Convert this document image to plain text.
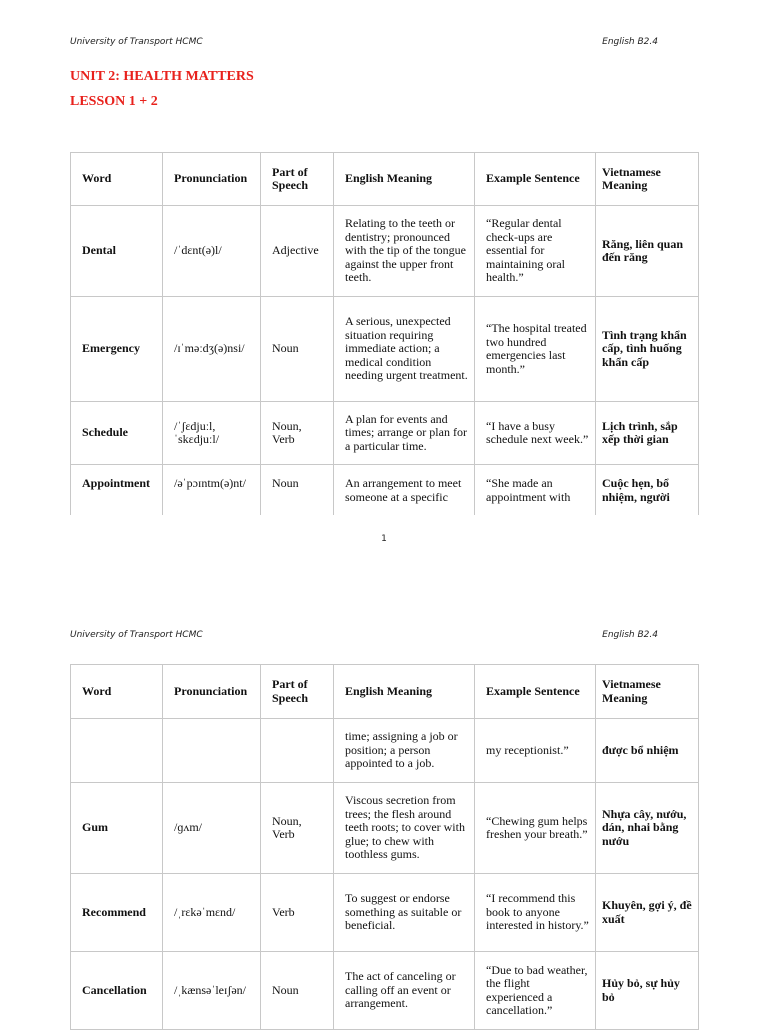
University of Transport HCMC	English B2.4
UNIT 2: HEALTH MATTERS
LESSON 1 + 2
Word	Pronunciation	Part of Speech	English Meaning	Example Sentence	Vietnamese Meaning
Dental	/ˈdɛnt(ə)l/	Adjective	Relating to the teeth or dentistry; pronounced with the tip of the tongue against the upper front teeth.	“Regular dental check-ups are essential for maintaining oral health.”	Răng, liên quan đến răng
Emergency	/ɪˈməːdʒ(ə)nsi/	Noun	A serious, unexpected situation requiring immediate action; a medical condition needing urgent treatment.	“The hospital treated two hundred emergencies last month.”	Tình trạng khẩn cấp, tình huống khẩn cấp
Schedule	/ˈʃɛdjuːl, ˈskɛdjuːl/	Noun, Verb	A plan for events and times; arrange or plan for a particular time.	“I have a busy schedule next week.”	Lịch trình, sắp xếp thời gian
Appointment	/əˈpɔɪntm(ə)nt/	Noun	An arrangement to meet someone at a specific	“She made an appointment with	Cuộc hẹn, bổ nhiệm, người
1
University of Transport HCMC	English B2.4
Word	Pronunciation	Part of Speech	English Meaning	Example Sentence	Vietnamese Meaning
			time; assigning a job or position; a person appointed to a job.	my receptionist.”	được bổ nhiệm
Gum	/ɡʌm/	Noun, Verb	Viscous secretion from trees; the flesh around teeth roots; to cover with glue; to chew with toothless gums.	“Chewing gum helps freshen your breath.”	Nhựa cây, nướu, dán, nhai bằng nướu
Recommend	/ˌrɛkəˈmɛnd/	Verb	To suggest or endorse something as suitable or beneficial.	“I recommend this book to anyone interested in history.”	Khuyên, gợi ý, đề xuất
Cancellation	/ˌkænsəˈleɪʃən/	Noun	The act of canceling or calling off an event or arrangement.	“Due to bad weather, the flight experienced a cancellation.”	Hủy bỏ, sự hủy bỏ
